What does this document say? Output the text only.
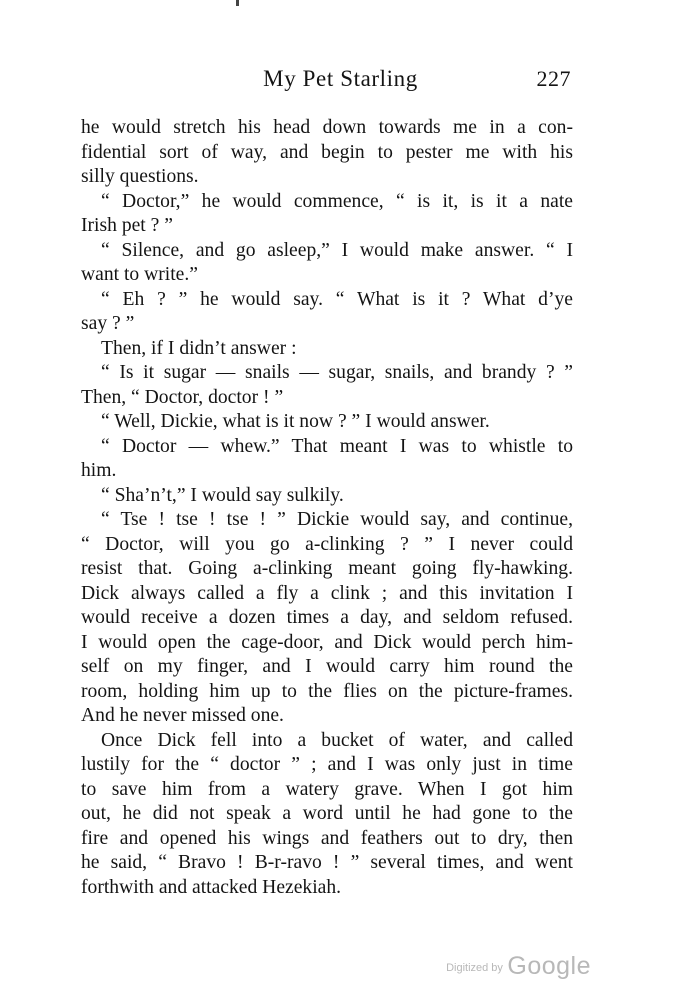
My Pet Starling	227
he would stretch his head down towards me in a con-
fidential sort of way, and begin to pester me with his
silly questions.
“ Doctor,” he would commence, “ is it, is it a nate
Irish pet ? ”
“ Silence, and go asleep,” I would make answer. “ I
want to write.”
“ Eh ? ” he would say. “ What is it ? What d’ye
say ? ”
Then, if I didn’t answer :
“ Is it sugar — snails — sugar, snails, and brandy ? ”
Then, “ Doctor, doctor ! ”
“ Well, Dickie, what is it now ? ” I would answer.
“ Doctor — whew.” That meant I was to whistle to
him.
“ Sha’n’t,” I would say sulkily.
“ Tse ! tse ! tse ! ” Dickie would say, and continue,
“ Doctor, will you go a-clinking ? ” I never could
resist that. Going a-clinking meant going fly-hawking.
Dick always called a fly a clink ; and this invitation I
would receive a dozen times a day, and seldom refused.
I would open the cage-door, and Dick would perch him-
self on my finger, and I would carry him round the
room, holding him up to the flies on the picture-frames.
And he never missed one.
Once Dick fell into a bucket of water, and called
lustily for the “ doctor ” ; and I was only just in time
to save him from a watery grave. When I got him
out, he did not speak a word until he had gone to the
fire and opened his wings and feathers out to dry, then
he said, “ Bravo ! B-r-ravo ! ” several times, and went
forthwith and attacked Hezekiah.
Digitized by Google
